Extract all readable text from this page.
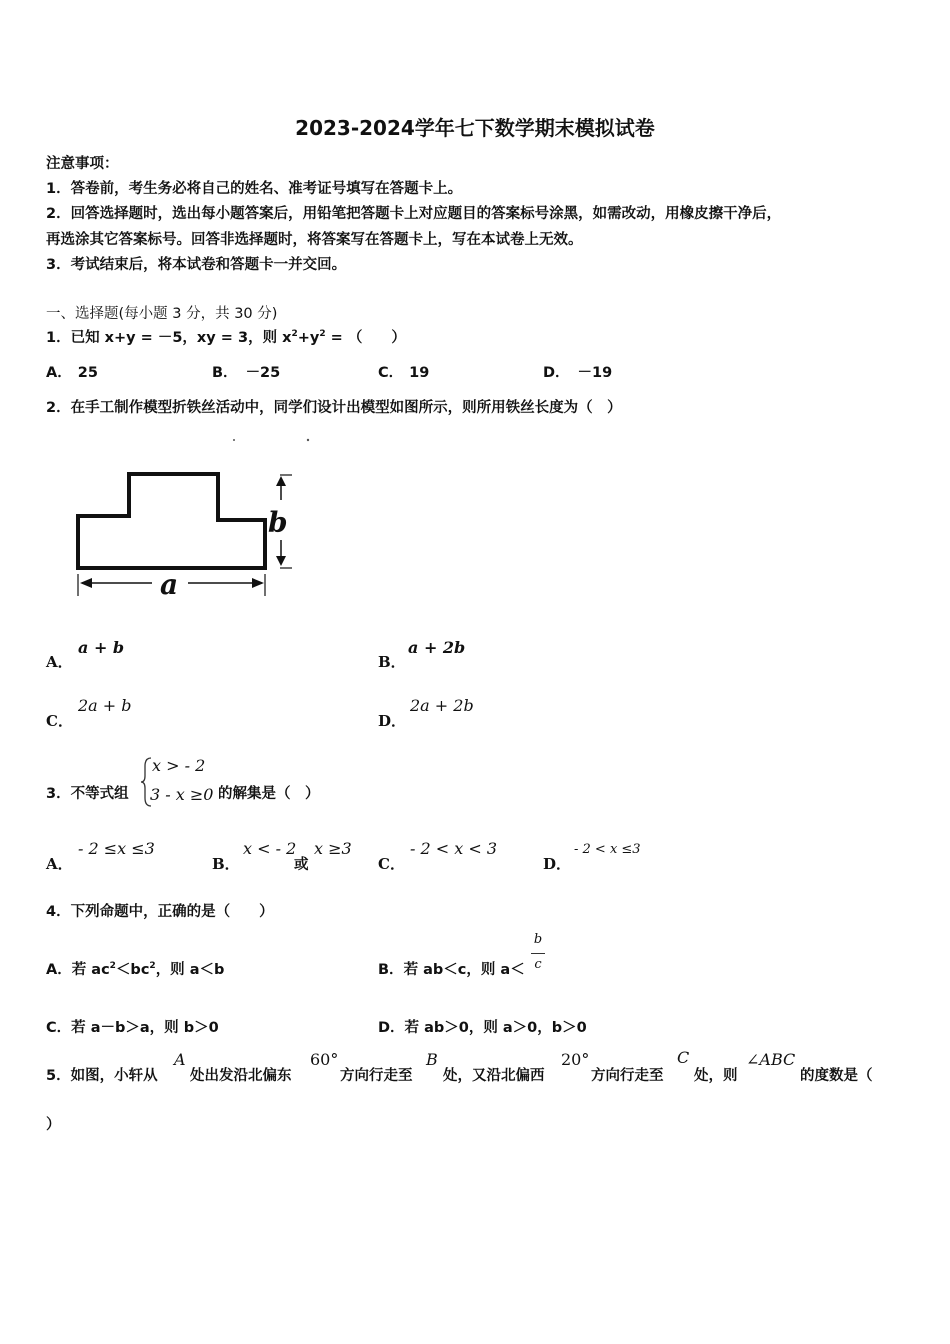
2023-2024学年七下数学期末模拟试卷
注意事项：
1．答卷前，考生务必将自己的姓名、准考证号填写在答题卡上。
2．回答选择题时，选出每小题答案后，用铅笔把答题卡上对应题目的答案标号涂黑，如需改动，用橡皮擦干净后，
再选涂其它答案标号。回答非选择题时，将答案写在答题卡上，写在本试卷上无效。
3．考试结束后，将本试卷和答题卡一并交回。
一、选择题(每小题 3 分，共 30 分)
1．已知 x+y = －5，xy = 3，则 $x^2+y^2$ = （　　）
A． 25	B． －25	C． 19	D． －19
2．在手工制作模型折铁丝活动中，同学们设计出模型如图所示，则所用铁丝长度为（　）
b
a
A．
a + b
B．
a + 2b
C．
2a + b
D．
2a + 2b
3．不等式组
x > - 2
3 - x ≥0 的解集是（　）
A．
- 2 ≤x ≤3
B．
x < - 2
或
x ≥3
C．
- 2 < x < 3
D．
- 2 < x ≤3
4．下列命题中，正确的是（　　）
A．若 $ac^2<bc^2$，则 a＜b	B．若 ab＜c，则 a＜
b
c
C．若 a－b＞a，则 b＞0	D．若 ab＞0，则 a＞0，b＞0
5．如图，小轩从
A
处出发沿北偏东
60°
方向行走至
B
处，又沿北偏西
20°
方向行走至
C
处，则
∠ABC
的度数是（
）
